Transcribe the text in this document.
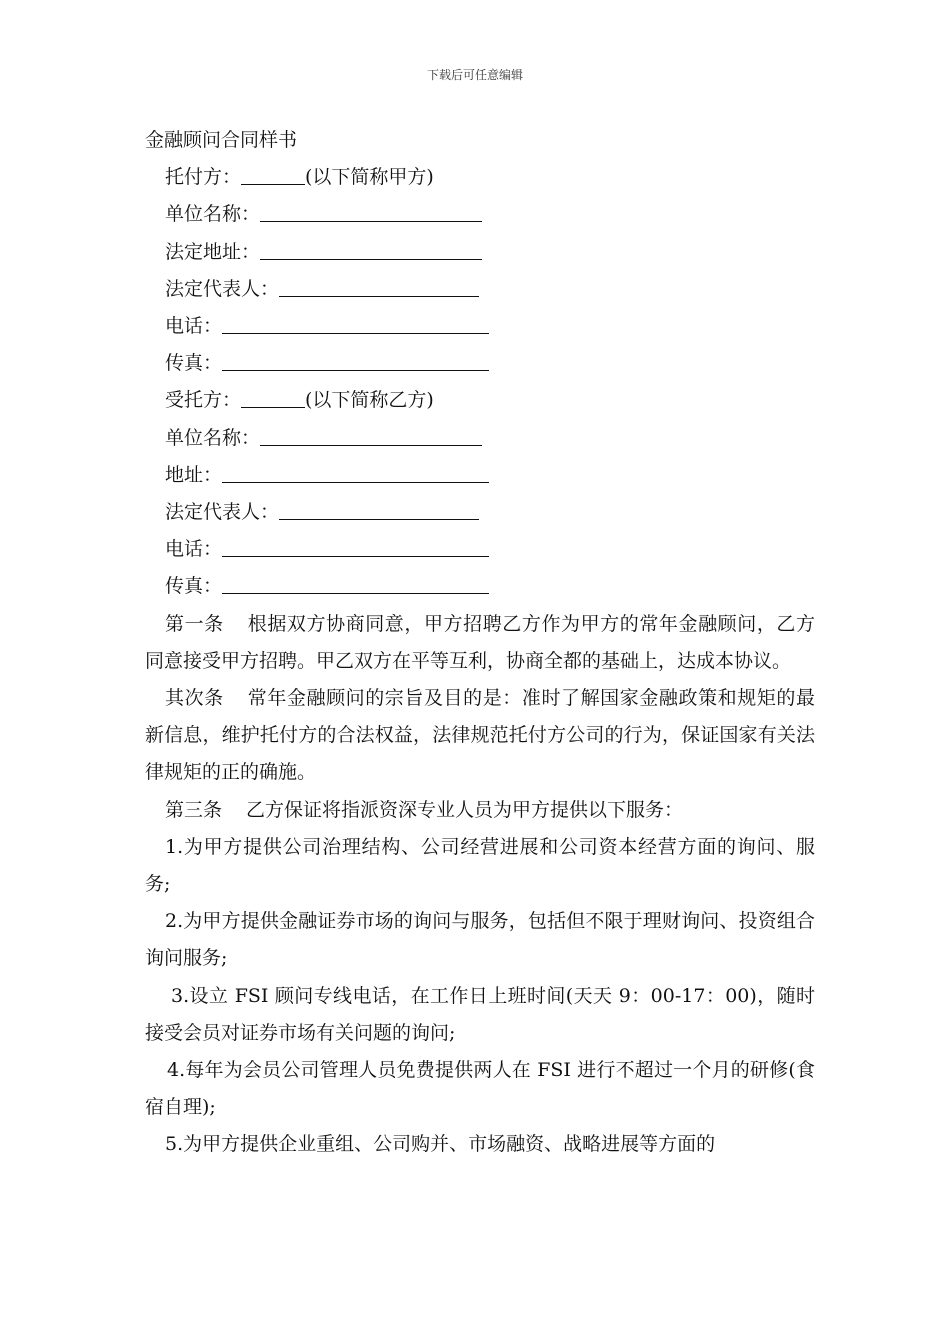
下载后可任意编辑
金融顾问合同样书
托付方：	(以下简称甲方)
单位名称：
法定地址：
法定代表人：
电话：
传真：
受托方：	(以下简称乙方)
单位名称：
地址：
法定代表人：
电话：
传真：

第一条 根据双方协商同意，甲方招聘乙方作为甲方的常年金融顾问，乙方同意接受甲方招聘。甲乙双方在平等互利，协商全都的基础上，达成本协议。

其次条 常年金融顾问的宗旨及目的是：准时了解国家金融政策和规矩的最新信息，维护托付方的合法权益，法律规范托付方公司的行为，保证国家有关法律规矩的正的确施。

第三条 乙方保证将指派资深专业人员为甲方提供以下服务：

1.为甲方提供公司治理结构、公司经营进展和公司资本经营方面的询问、服务;

2.为甲方提供金融证券市场的询问与服务，包括但不限于理财询问、投资组合询问服务;

3.设立 FSI 顾问专线电话，在工作日上班时间(天天 9：00-17：00)，随时接受会员对证券市场有关问题的询问;

4.每年为会员公司管理人员免费提供两人在 FSI 进行不超过一个月的研修(食宿自理);

5.为甲方提供企业重组、公司购并、市场融资、战略进展等方面的
